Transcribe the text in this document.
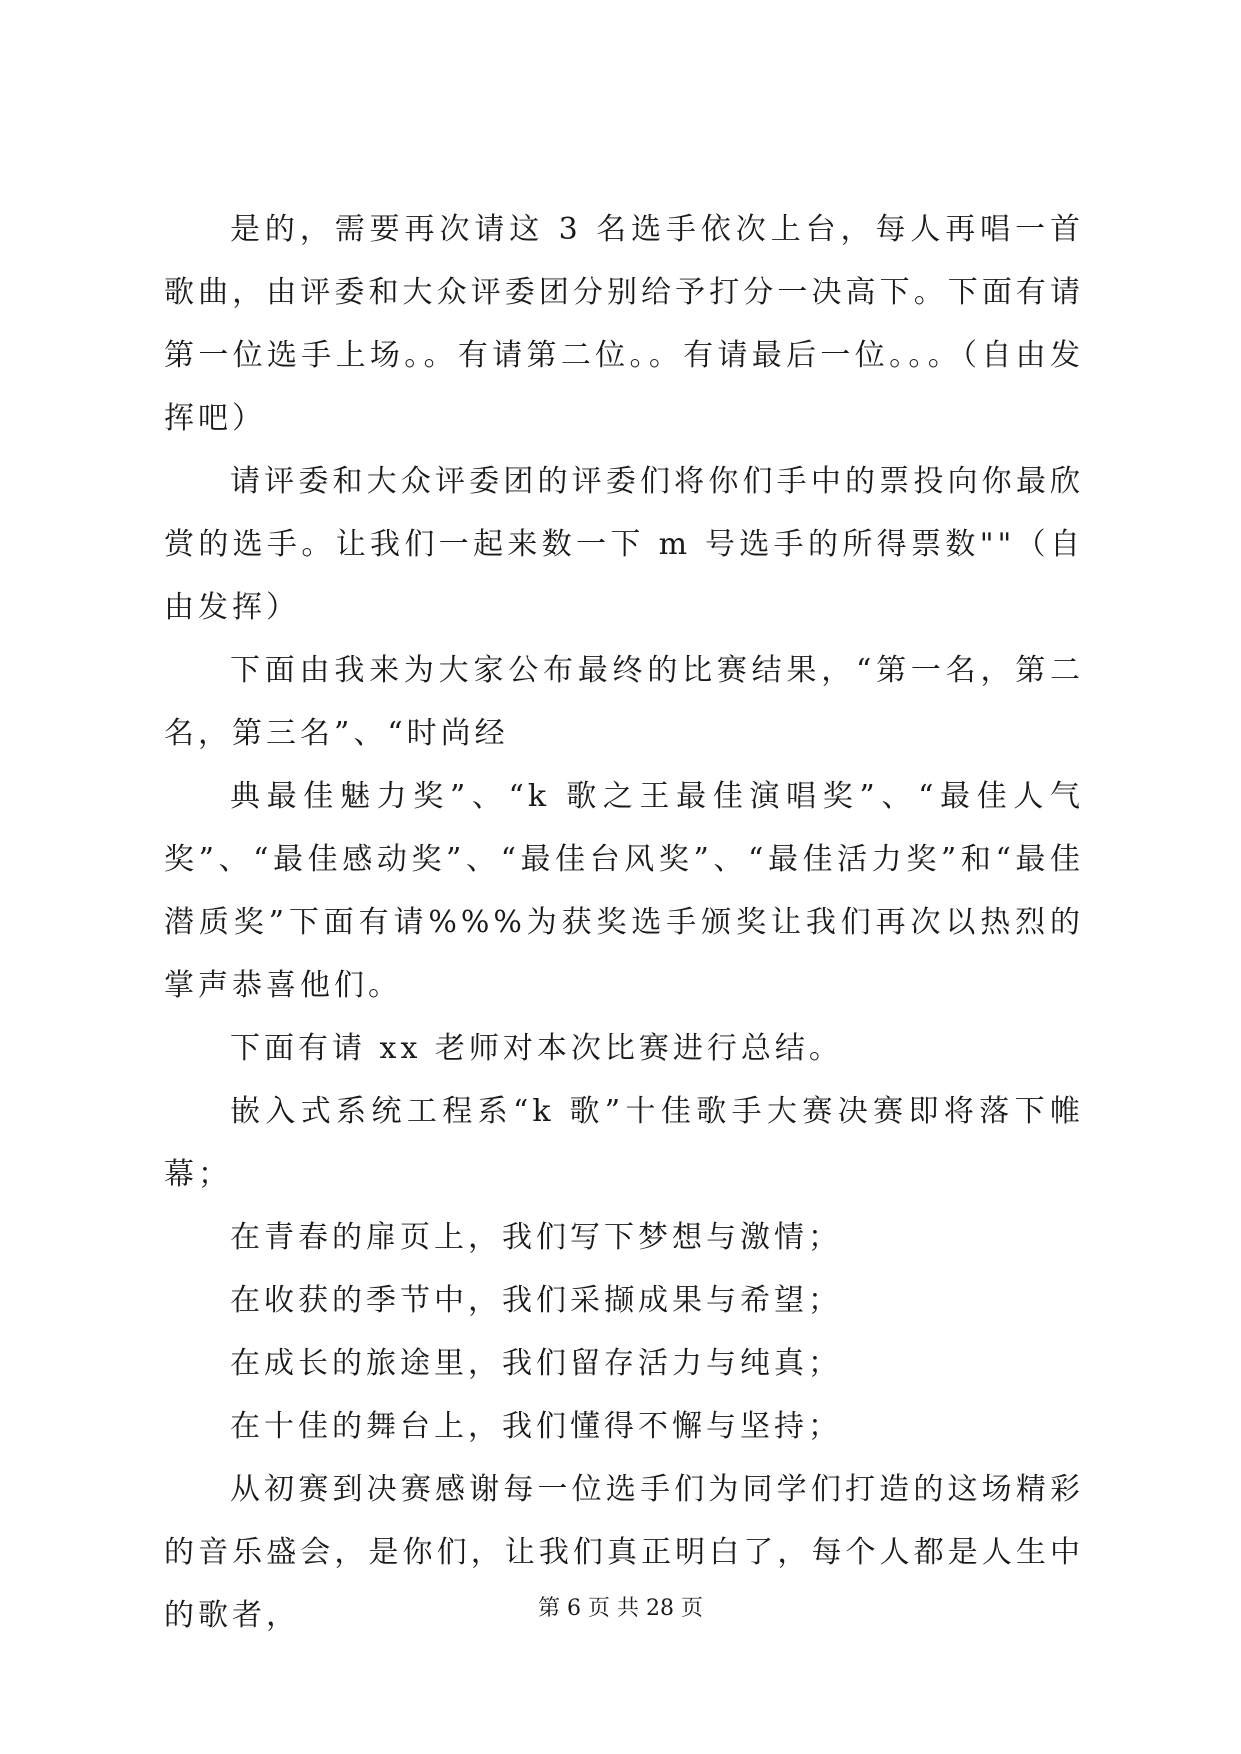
是的，需要再次请这 3 名选手依次上台，每人再唱一首歌曲，由评委和大众评委团分别给予打分一决高下。下面有请第一位选手上场。。有请第二位。。有请最后一位。。。（自由发挥吧）

请评委和大众评委团的评委们将你们手中的票投向你最欣赏的选手。让我们一起来数一下 m 号选手的所得票数""（自由发挥）

下面由我来为大家公布最终的比赛结果，“第一名，第二名，第三名”、“时尚经

典最佳魅力奖”、“k 歌之王最佳演唱奖”、“最佳人气奖”、“最佳感动奖”、“最佳台风奖”、“最佳活力奖”和“最佳潜质奖”下面有请%%%为获奖选手颁奖让我们再次以热烈的掌声恭喜他们。

下面有请 xx 老师对本次比赛进行总结。

嵌入式系统工程系“k 歌”十佳歌手大赛决赛即将落下帷幕；

在青春的扉页上，我们写下梦想与激情；

在收获的季节中，我们采撷成果与希望；

在成长的旅途里，我们留存活力与纯真；

在十佳的舞台上，我们懂得不懈与坚持；

从初赛到决赛感谢每一位选手们为同学们打造的这场精彩的音乐盛会，是你们，让我们真正明白了，每个人都是人生中的歌者，	第 6 页 共 28 页
